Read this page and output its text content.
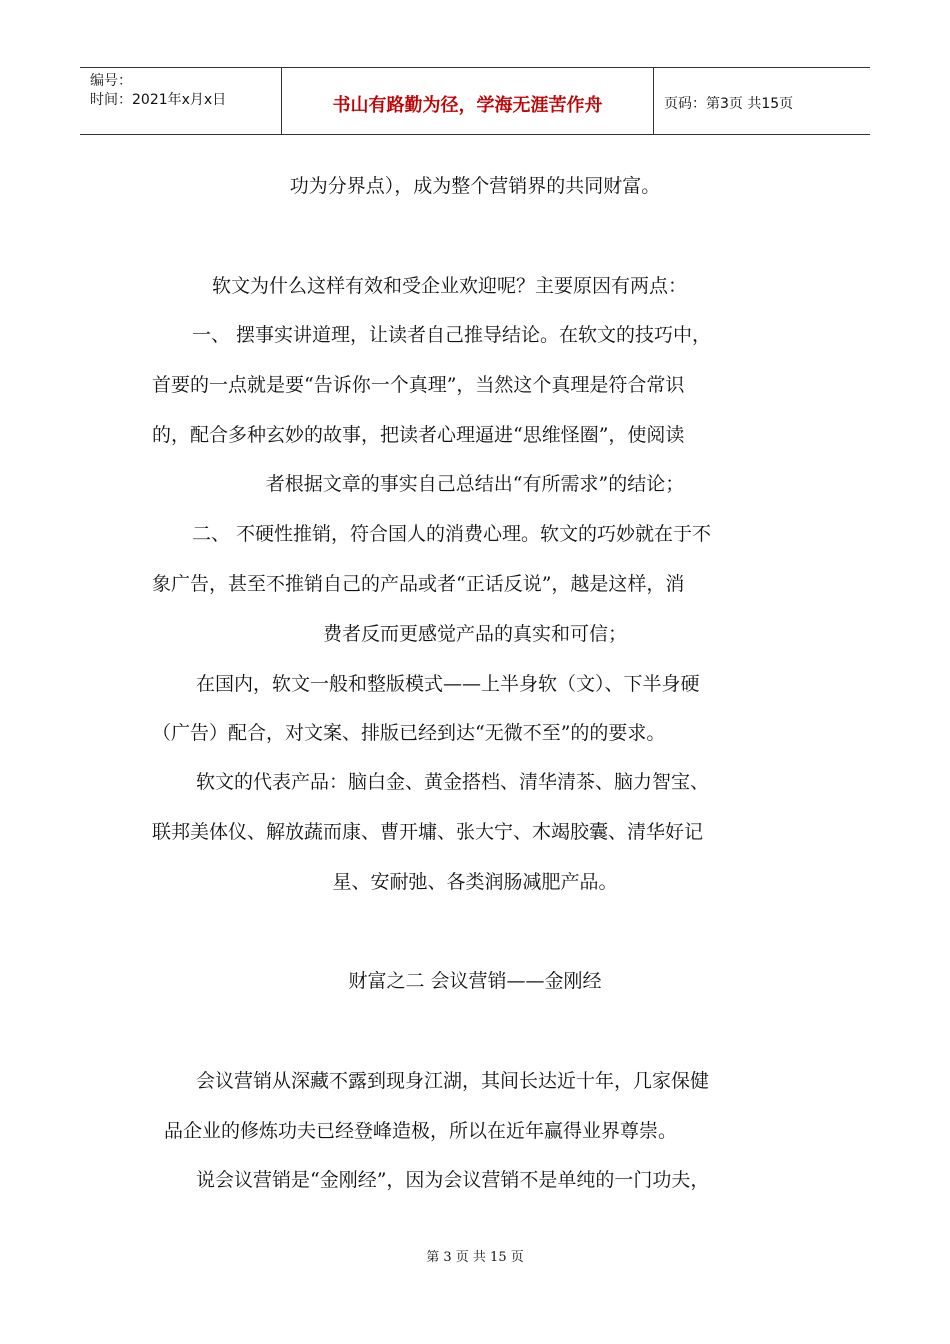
编号：
时间：2021年x月x日	书山有路勤为径，学海无涯苦作舟	页码：第3页 共15页
功为分界点），成为整个营销界的共同财富。
软文为什么这样有效和受企业欢迎呢？主要原因有两点：
一、 摆事实讲道理，让读者自己推导结论。在软文的技巧中，
首要的一点就是要“告诉你一个真理”，当然这个真理是符合常识
的，配合多种玄妙的故事，把读者心理逼进“思维怪圈”，使阅读
者根据文章的事实自己总结出“有所需求”的结论；
二、 不硬性推销，符合国人的消费心理。软文的巧妙就在于不
象广告，甚至不推销自己的产品或者“正话反说”，越是这样，消
费者反而更感觉产品的真实和可信；
在国内，软文一般和整版模式——上半身软（文）、下半身硬
（广告）配合，对文案、排版已经到达“无微不至”的的要求。
软文的代表产品：脑白金、黄金搭档、清华清茶、脑力智宝、
联邦美体仪、解放蔬而康、曹开墉、张大宁、木竭胶囊、清华好记
星、安耐弛、各类润肠减肥产品。
财富之二 会议营销——金刚经
会议营销从深藏不露到现身江湖，其间长达近十年，几家保健
品企业的修炼功夫已经登峰造极，所以在近年赢得业界尊崇。
说会议营销是“金刚经”，因为会议营销不是单纯的一门功夫，
第 3 页 共 15 页
